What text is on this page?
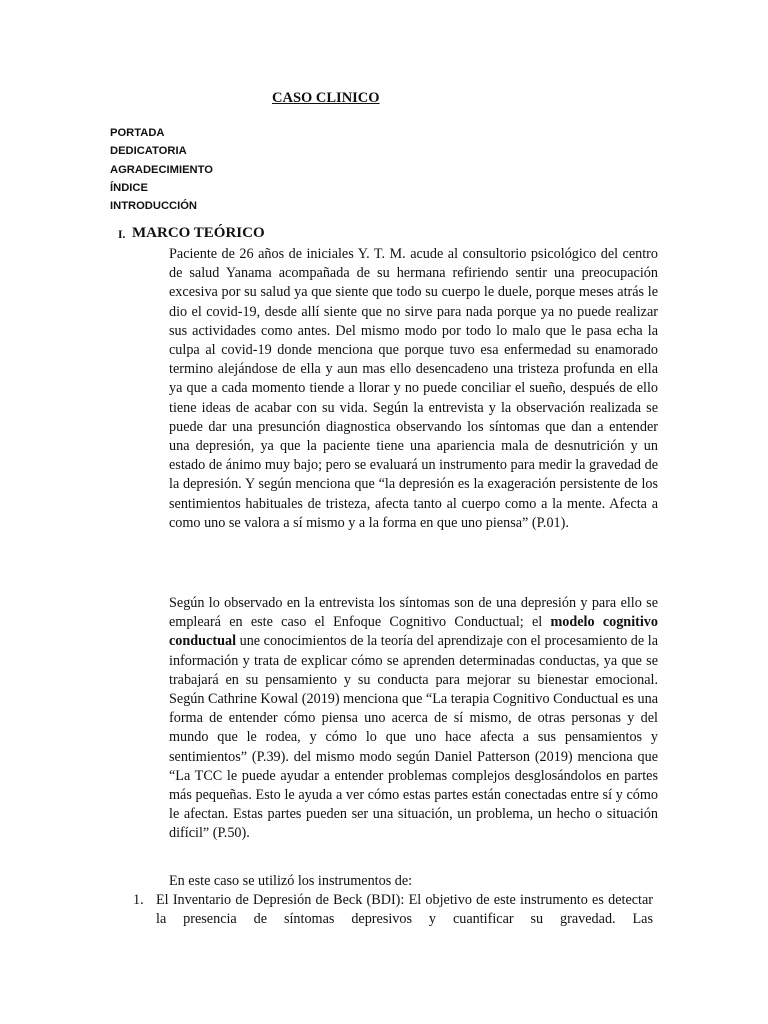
CASO CLINICO
PORTADA
DEDICATORIA
AGRADECIMIENTO
ÍNDICE
INTRODUCCIÓN
I. MARCO TEÓRICO
Paciente de 26 años de iniciales Y. T. M. acude al consultorio psicológico del centro de salud Yanama acompañada de su hermana refiriendo sentir una preocupación excesiva por su salud ya que siente que todo su cuerpo le duele, porque meses atrás le dio el covid-19, desde allí siente que no sirve para nada porque ya no puede realizar sus actividades como antes. Del mismo modo por todo lo malo que le pasa echa la culpa al covid-19 donde menciona que porque tuvo esa enfermedad su enamorado termino alejándose de ella y aun mas ello desencadeno una tristeza profunda en ella ya que a cada momento tiende a llorar y no puede conciliar el sueño, después de ello tiene ideas de acabar con su vida. Según la entrevista y la observación realizada se puede dar una presunción diagnostica observando los síntomas que dan a entender una depresión, ya que la paciente tiene una apariencia mala de desnutrición y un estado de ánimo muy bajo; pero se evaluará un instrumento para medir la gravedad de la depresión. Y según menciona que “la depresión es la exageración persistente de los sentimientos habituales de tristeza, afecta tanto al cuerpo como a la mente. Afecta a como uno se valora a sí mismo y a la forma en que uno piensa” (P.01).
Según lo observado en la entrevista los síntomas son de una depresión y para ello se empleará en este caso el Enfoque Cognitivo Conductual; el modelo cognitivo conductual une conocimientos de la teoría del aprendizaje con el procesamiento de la información y trata de explicar cómo se aprenden determinadas conductas, ya que se trabajará en su pensamiento y su conducta para mejorar su bienestar emocional. Según Cathrine Kowal (2019) menciona que “La terapia Cognitivo Conductual es una forma de entender cómo piensa uno acerca de sí mismo, de otras personas y del mundo que le rodea, y cómo lo que uno hace afecta a sus pensamientos y sentimientos” (P.39). del mismo modo según Daniel Patterson (2019) menciona que “La TCC le puede ayudar a entender problemas complejos desglosándolos en partes más pequeñas. Esto le ayuda a ver cómo estas partes están conectadas entre sí y cómo le afectan. Estas partes pueden ser una situación, un problema, un hecho o situación difícil” (P.50).
En este caso se utilizó los instrumentos de:
1. El Inventario de Depresión de Beck (BDI): El objetivo de este instrumento es detectar la presencia de síntomas depresivos y cuantificar su gravedad. Las
